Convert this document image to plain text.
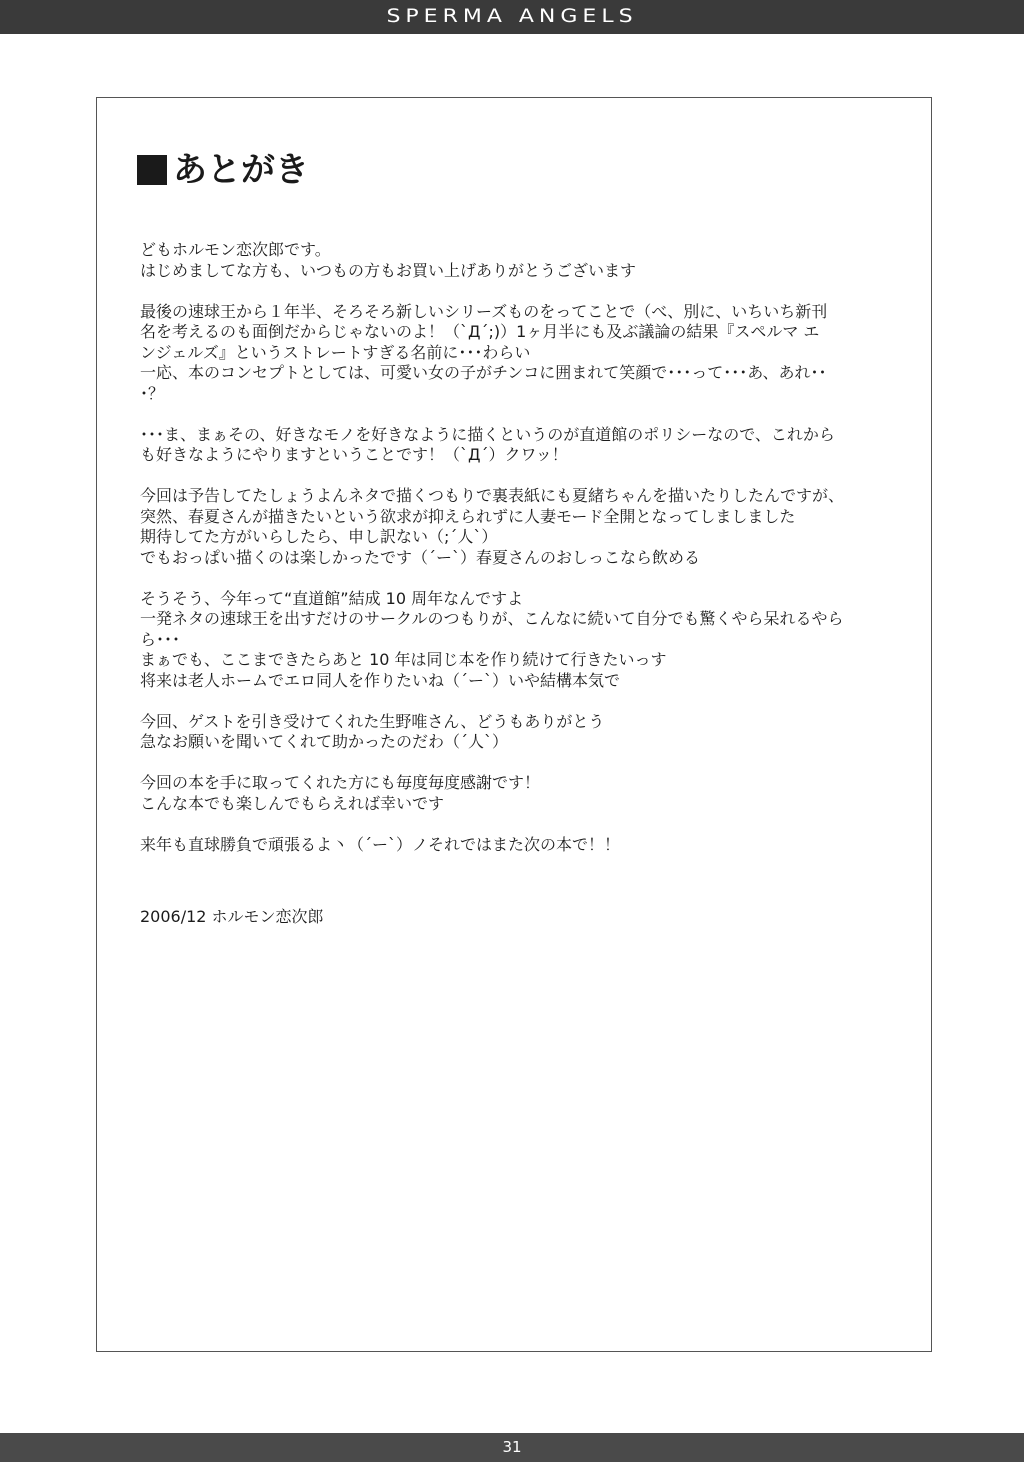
SPERMA ANGELS
あとがき
どもホルモン恋次郎です。
はじめましてな方も、いつもの方もお買い上げありがとうございます
最後の速球王から１年半、そろそろ新しいシリーズものをってことで（べ、別に、いちいち新刊
名を考えるのも面倒だからじゃないのよ！（`Д´;)）1ヶ月半にも及ぶ議論の結果『スペルマ エ
ンジェルズ』というストレートすぎる名前に･･･わらい
一応、本のコンセプトとしては、可愛い女の子がチンコに囲まれて笑顔で･･･って･･･あ、あれ･･
･？
･･･ま、まぁその、好きなモノを好きなように描くというのが直道館のポリシーなので、これから
も好きなようにやりますということです！（`Д´）クワッ！
今回は予告してたしょうよんネタで描くつもりで裏表紙にも夏緒ちゃんを描いたりしたんですが、
突然、春夏さんが描きたいという欲求が抑えられずに人妻モード全開となってしましました
期待してた方がいらしたら、申し訳ない（;´人`）
でもおっぱい描くのは楽しかったです（´ー`）春夏さんのおしっこなら飲める
そうそう、今年って“直道館”結成 10 周年なんですよ
一発ネタの速球王を出すだけのサークルのつもりが、こんなに続いて自分でも驚くやら呆れるやら
ら･･･
まぁでも、ここまできたらあと 10 年は同じ本を作り続けて行きたいっす
将来は老人ホームでエロ同人を作りたいね（´ー`）いや結構本気で
今回、ゲストを引き受けてくれた生野唯さん、どうもありがとう
急なお願いを聞いてくれて助かったのだわ（´人`）
今回の本を手に取ってくれた方にも毎度毎度感謝です！
こんな本でも楽しんでもらえれば幸いです
来年も直球勝負で頑張るよ丶（´ー`）ノそれではまた次の本で！！
2006/12 ホルモン恋次郎
31
